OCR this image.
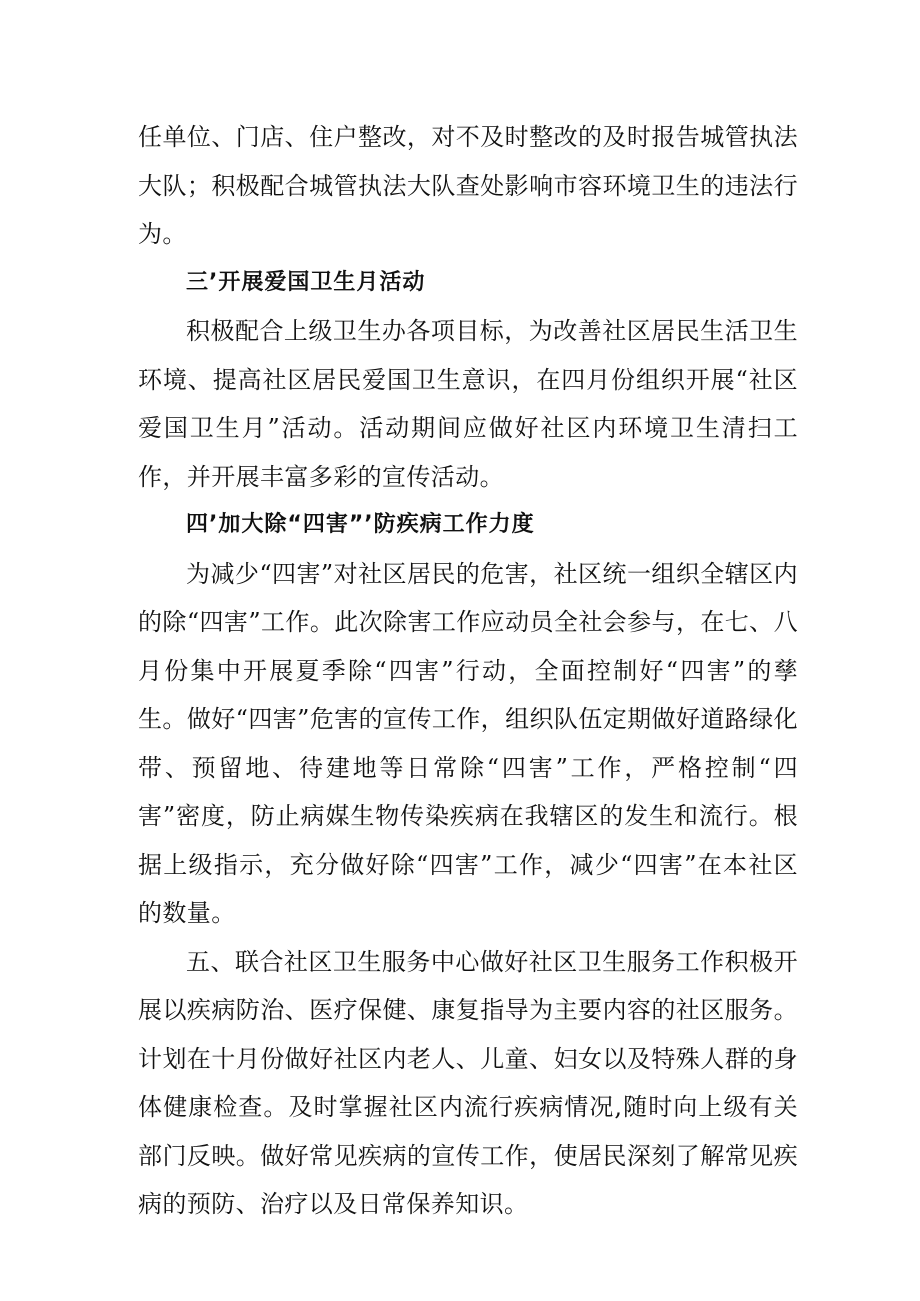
任单位、门店、住户整改，对不及时整改的及时报告城管执法大队；积极配合城管执法大队查处影响市容环境卫生的违法行为。

三’开展爱国卫生月活动

积极配合上级卫生办各项目标，为改善社区居民生活卫生环境、提高社区居民爱国卫生意识，在四月份组织开展“社区爱国卫生月”活动。活动期间应做好社区内环境卫生清扫工作，并开展丰富多彩的宣传活动。

四’加大除“四害”’防疾病工作力度

为减少“四害”对社区居民的危害，社区统一组织全辖区内的除“四害”工作。此次除害工作应动员全社会参与，在七、八月份集中开展夏季除“四害”行动，全面控制好“四害”的孳生。做好“四害”危害的宣传工作，组织队伍定期做好道路绿化带、预留地、待建地等日常除“四害”工作，严格控制“四害”密度，防止病媒生物传染疾病在我辖区的发生和流行。根据上级指示，充分做好除“四害”工作，减少“四害”在本社区的数量。

五、联合社区卫生服务中心做好社区卫生服务工作积极开展以疾病防治、医疗保健、康复指导为主要内容的社区服务。计划在十月份做好社区内老人、儿童、妇女以及特殊人群的身体健康检查。及时掌握社区内流行疾病情况,随时向上级有关部门反映。做好常见疾病的宣传工作，使居民深刻了解常见疾病的预防、治疗以及日常保养知识。
